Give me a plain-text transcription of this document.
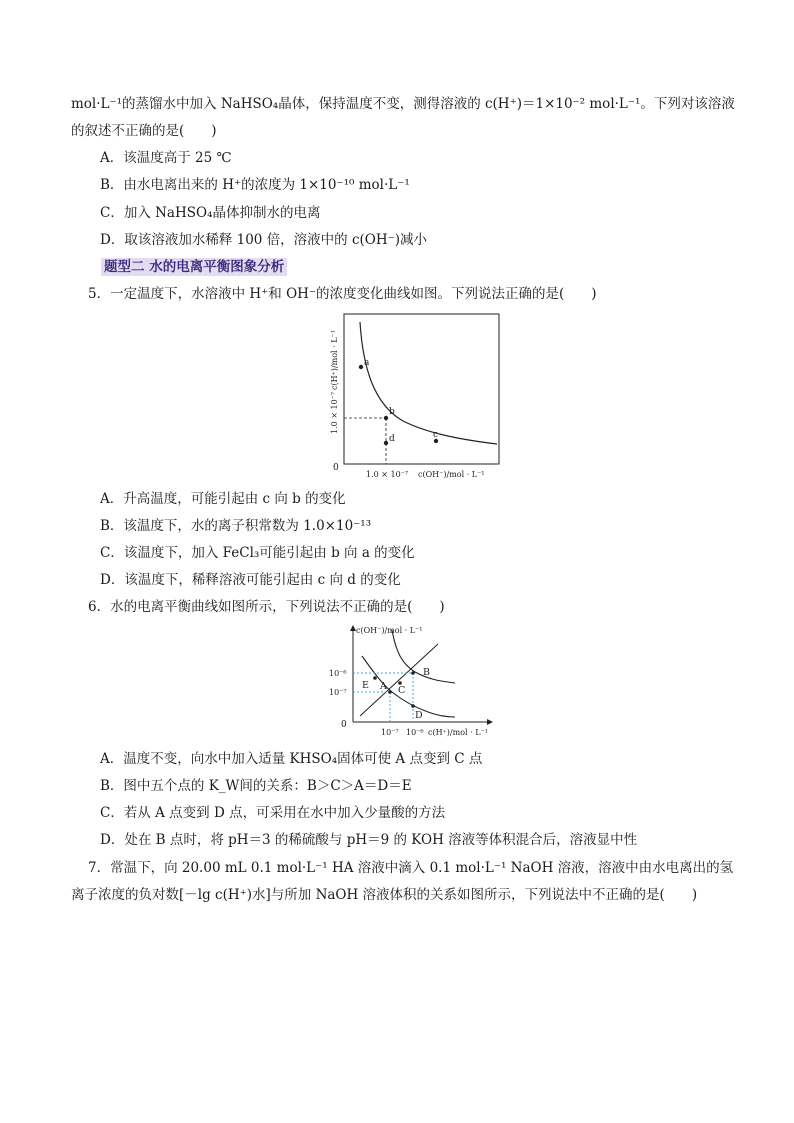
mol·L⁻¹的蒸馏水中加入 NaHSO₄晶体，保持温度不变，测得溶液的 c(H⁺)＝1×10⁻² mol·L⁻¹。下列对该溶液
的叙述不正确的是(　　)
A．该温度高于 25 ℃
B．由水电离出来的 H⁺的浓度为 1×10⁻¹⁰ mol·L⁻¹
C．加入 NaHSO₄晶体抑制水的电离
D．取该溶液加水稀释 100 倍，溶液中的 c(OH⁻)减小
题型二 水的电离平衡图象分析
5．一定温度下，水溶液中 H⁺和 OH⁻的浓度变化曲线如图。下列说法正确的是(　　)
a
b
c
d
1.0 × 10⁻⁷
c(H⁺)/mol · L⁻¹
0
1.0 × 10⁻⁷ c(OH⁻)/mol · L⁻¹
A．升高温度，可能引起由 c 向 b 的变化
B．该温度下，水的离子积常数为 1.0×10⁻¹³
C．该温度下，加入 FeCl₃可能引起由 b 向 a 的变化
D．该温度下，稀释溶液可能引起由 c 向 d 的变化
6．水的电离平衡曲线如图所示，下列说法不正确的是(　　)
E A C
B
D
10⁻⁶
10⁻⁷
0
10⁻⁷ 10⁻⁶
c(OH⁻)/mol · L⁻¹
c(H⁺)/mol · L⁻¹
A．温度不变，向水中加入适量 KHSO₄固体可使 A 点变到 C 点
B．图中五个点的 K_W间的关系：B＞C＞A＝D＝E
C．若从 A 点变到 D 点，可采用在水中加入少量酸的方法
D．处在 B 点时，将 pH＝3 的稀硫酸与 pH＝9 的 KOH 溶液等体积混合后，溶液显中性
7．常温下，向 20.00 mL 0.1 mol·L⁻¹ HA 溶液中滴入 0.1 mol·L⁻¹ NaOH 溶液，溶液中由水电离出的氢
离子浓度的负对数[－lg c(H⁺)水]与所加 NaOH 溶液体积的关系如图所示，下列说法中不正确的是(　　)
